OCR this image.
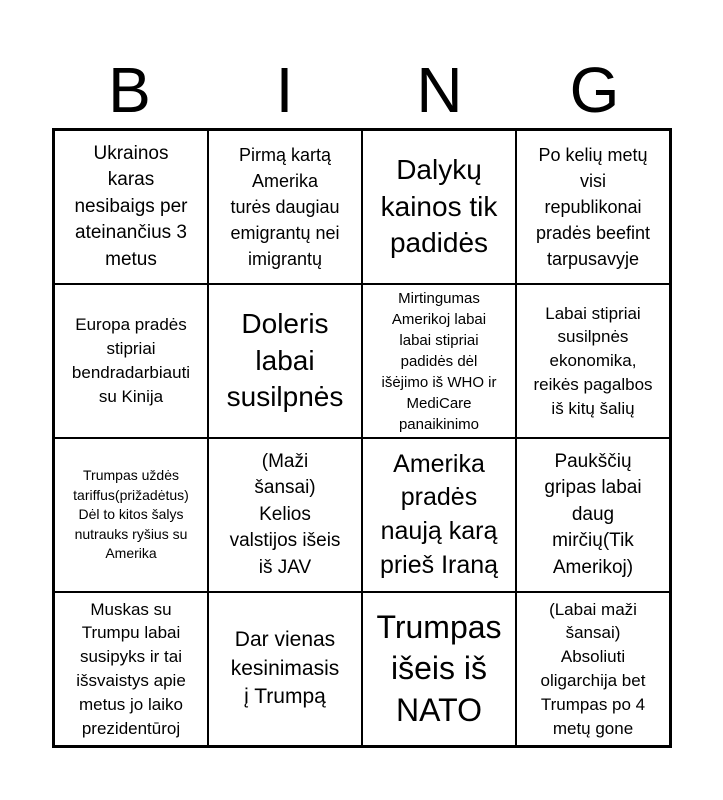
B	I	N	G
Ukrainos
karas
nesibaigs per
ateinančius 3
metus
Pirmą kartą
Amerika
turės daugiau
emigrantų nei
imigrantų
Dalykų
kainos tik
padidės
Po kelių metų
visi
republikonai
pradės beefint
tarpusavyje
Europa pradės
stipriai
bendradarbiauti
su Kinija
Doleris
labai
susilpnės
Mirtingumas
Amerikoj labai
labai stipriai
padidės dėl
išėjimo iš WHO ir
MediCare
panaikinimo
Labai stipriai
susilpnės
ekonomika,
reikės pagalbos
iš kitų šalių
Trumpas uždės
tariffus(prižadėtus)
Dėl to kitos šalys
nutrauks ryšius su
Amerika
(Maži
šansai)
Kelios
valstijos išeis
iš JAV
Amerika
pradės
naują karą
prieš Iraną
Paukščių
gripas labai
daug
mirčių(Tik
Amerikoj)
Muskas su
Trumpu labai
susipyks ir tai
išsvaistys apie
metus jo laiko
prezidentūroj
Dar vienas
kesinimasis
į Trumpą
Trumpas
išeis iš
NATO
(Labai maži
šansai)
Absoliuti
oligarchija bet
Trumpas po 4
metų gone
